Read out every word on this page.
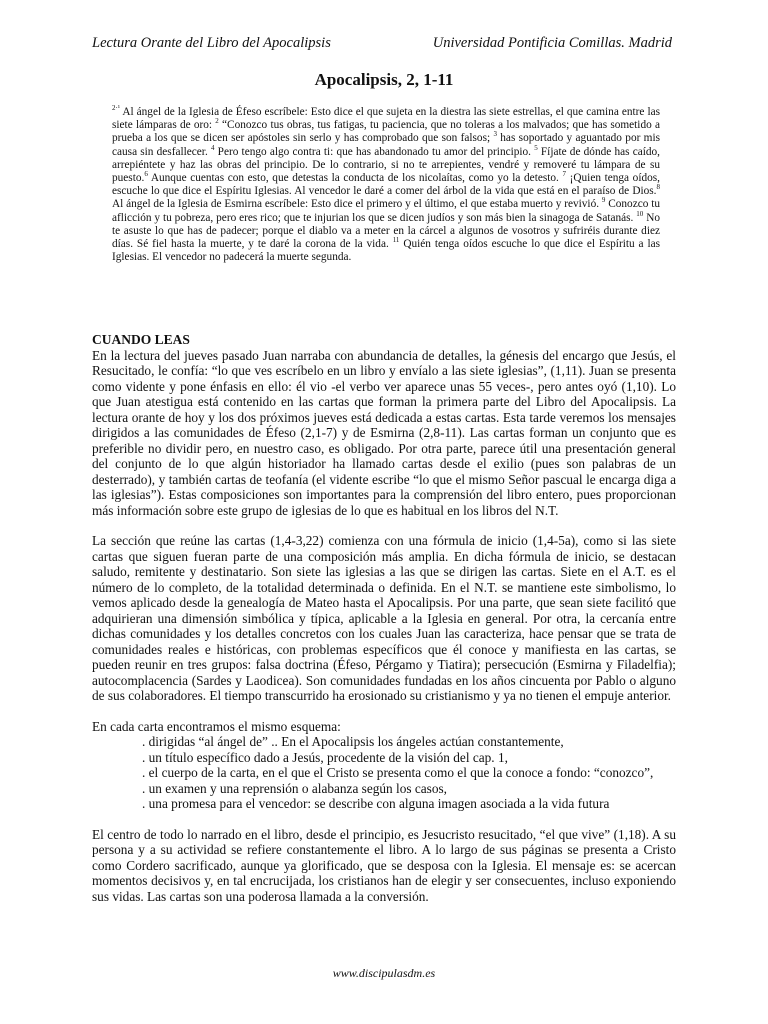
Lectura Orante del Libro del Apocalipsis	Universidad Pontificia Comillas. Madrid
Apocalipsis, 2, 1-11

$^{2\cdot^1}$ Al ángel de la Iglesia de Éfeso escríbele: Esto dice el que sujeta en la diestra las siete estrellas, el que camina entre las siete lámparas de oro: $^2$ “Conozco tus obras, tus fatigas, tu paciencia, que no toleras a los malvados; que has sometido a prueba a los que se dicen ser apóstoles sin serlo y has comprobado que son falsos; $^3$ has soportado y aguantado por mis causa sin desfallecer. $^4$ Pero tengo algo contra ti: que has abandonado tu amor del principio. $^5$ Fíjate de dónde has caído, arrepiéntete y haz las obras del principio. De lo contrario, si no te arrepientes, vendré y removeré tu lámpara de su puesto.$^6$ Aunque cuentas con esto, que detestas la conducta de los nicolaítas, como yo la detesto. $^7$ ¡Quien tenga oídos, escuche lo que dice el Espíritu Iglesias. Al vencedor le daré a comer del árbol de la vida que está en el paraíso de Dios.$^8$ Al ángel de la Iglesia de Esmirna escríbele: Esto dice el primero y el último, el que estaba muerto y revivió. $^9$ Conozco tu aflicción y tu pobreza, pero eres rico; que te injurian los que se dicen judíos y son más bien la sinagoga de Satanás. $^{10}$ No te asuste lo que has de padecer; porque el diablo va a meter en la cárcel a algunos de vosotros y sufriréis durante diez días. Sé fiel hasta la muerte, y te daré la corona de la vida. $^{11}$ Quién tenga oídos escuche lo que dice el Espíritu a las Iglesias. El vencedor no padecerá la muerte segunda.

CUANDO LEAS

En la lectura del jueves pasado Juan narraba con abundancia de detalles, la génesis del encargo que Jesús, el Resucitado, le confía: “lo que ves escríbelo en un libro y envíalo a las siete iglesias”, (1,11). Juan se presenta como vidente y pone énfasis en ello: él vio -el verbo ver aparece unas 55 veces-, pero antes oyó (1,10). Lo que Juan atestigua está contenido en las cartas que forman la primera parte del Libro del Apocalipsis. La lectura orante de hoy y los dos próximos jueves está dedicada a estas cartas. Esta tarde veremos los mensajes dirigidos a las comunidades de Éfeso (2,1-7) y de Esmirna (2,8-11). Las cartas forman un conjunto que es preferible no dividir pero, en nuestro caso, es obligado. Por otra parte, parece útil una presentación general del conjunto de lo que algún historiador ha llamado cartas desde el exilio (pues son palabras de un desterrado), y también cartas de teofanía (el vidente escribe “lo que el mismo Señor pascual le encarga diga a las iglesias”). Estas composiciones son importantes para la comprensión del libro entero, pues proporcionan más información sobre este grupo de iglesias de lo que es habitual en los libros del N.T.

La sección que reúne las cartas (1,4-3,22) comienza con una fórmula de inicio (1,4-5a), como si las siete cartas que siguen fueran parte de una composición más amplia. En dicha fórmula de inicio, se destacan saludo, remitente y destinatario. Son siete las iglesias a las que se dirigen las cartas. Siete en el A.T. es el número de lo completo, de la totalidad determinada o definida. En el N.T. se mantiene este simbolismo, lo vemos aplicado desde la genealogía de Mateo hasta el Apocalipsis. Por una parte, que sean siete facilitó que adquirieran una dimensión simbólica y típica, aplicable a la Iglesia en general. Por otra, la cercanía entre dichas comunidades y los detalles concretos con los cuales Juan las caracteriza, hace pensar que se trata de comunidades reales e históricas, con problemas específicos que él conoce y manifiesta en las cartas, se pueden reunir en tres grupos: falsa doctrina (Éfeso, Pérgamo y Tiatira); persecución (Esmirna y Filadelfia); autocomplacencia (Sardes y Laodicea). Son comunidades fundadas en los años cincuenta por Pablo o alguno de sus colaboradores. El tiempo transcurrido ha erosionado su cristianismo y ya no tienen el empuje anterior.

En cada carta encontramos el mismo esquema:

. dirigidas “al ángel de” .. En el Apocalipsis los ángeles actúan constantemente,
. un título específico dado a Jesús, procedente de la visión del cap. 1,
. el cuerpo de la carta, en el que el Cristo se presenta como el que la conoce a fondo: “conozco”,
. un examen y una reprensión o alabanza según los casos,
. una promesa para el vencedor: se describe con alguna imagen asociada a la vida futura

El centro de todo lo narrado en el libro, desde el principio, es Jesucristo resucitado, “el que vive” (1,18). A su persona y a su actividad se refiere constantemente el libro. A lo largo de sus páginas se presenta a Cristo como Cordero sacrificado, aunque ya glorificado, que se desposa con la Iglesia. El mensaje es: se acercan momentos decisivos y, en tal encrucijada, los cristianos han de elegir y ser consecuentes, incluso exponiendo sus vidas. Las cartas son una poderosa llamada a la conversión.

www.discipulasdm.es
